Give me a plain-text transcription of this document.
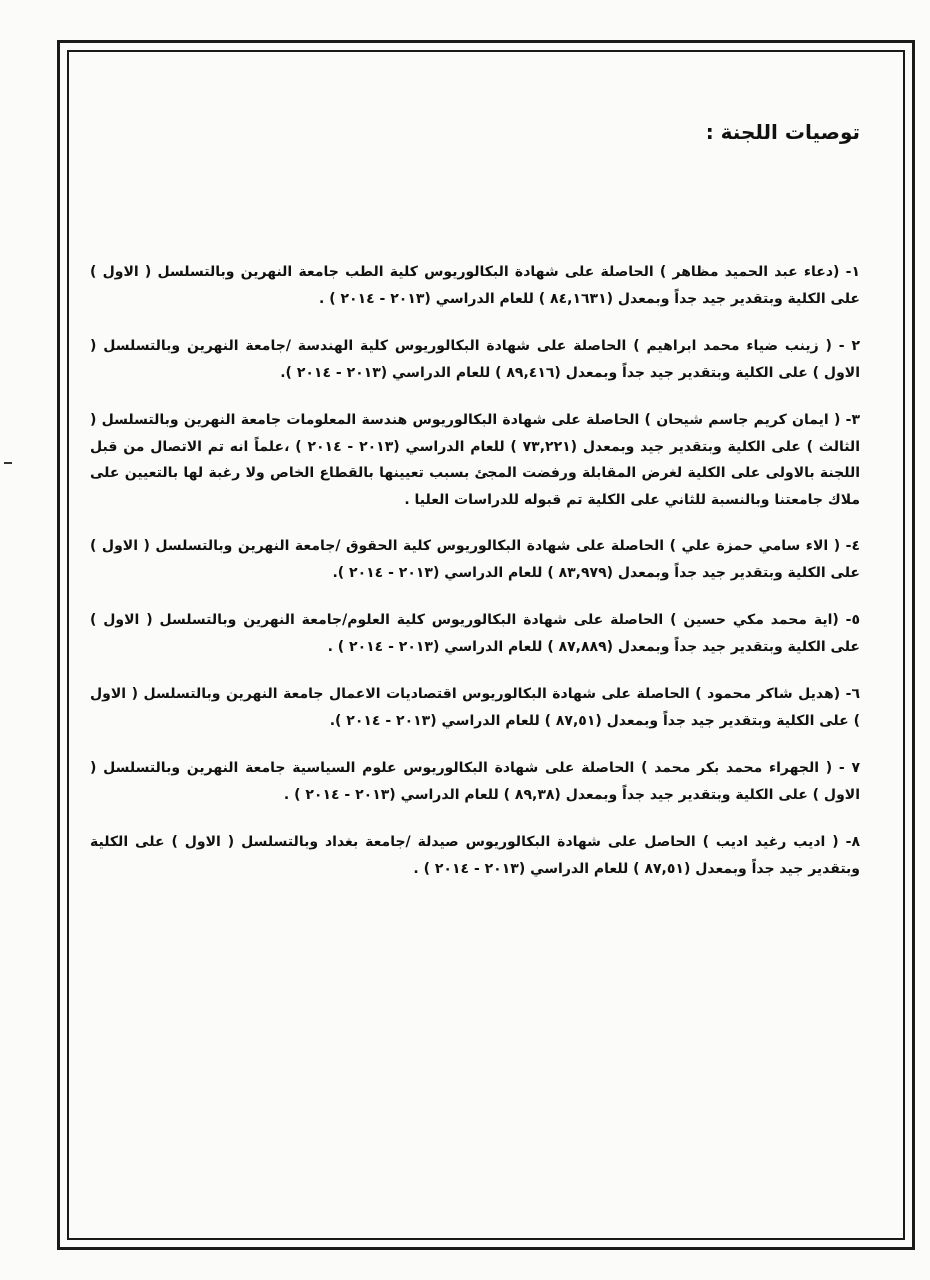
توصيات اللجنة :
١- (دعاء عبد الحميد مظاهر ) الحاصلة على شهادة البكالوريوس كلية الطب جامعة النهرين وبالتسلسل ( الاول ) على الكلية وبتقدير جيد جداً وبمعدل (٨٤,١٦٣١ ) للعام الدراسي (٢٠١٣ - ٢٠١٤ ) .
٢ - ( زينب ضياء محمد ابراهيم ) الحاصلة على شهادة البكالوريوس كلية الهندسة /جامعة النهرين وبالتسلسل ( الاول ) على الكلية وبتقدير جيد جداً وبمعدل (٨٩,٤١٦ ) للعام الدراسي (٢٠١٣ - ٢٠١٤ ).
٣- ( ايمان كريم جاسم شيحان ) الحاصلة على شهادة البكالوريوس هندسة المعلومات جامعة النهرين وبالتسلسل ( الثالث ) على الكلية وبتقدير جيد وبمعدل (٧٣,٢٢١ ) للعام الدراسي (٢٠١٣ - ٢٠١٤ ) ،علماً انه تم الاتصال من قبل اللجنة بالاولى على الكلية لغرض المقابلة ورفضت المجئ بسبب تعيينها بالقطاع الخاص ولا رغبة لها بالتعيين على ملاك جامعتنا وبالنسبة للثاني على الكلية تم قبوله للدراسات العليا .
٤- ( الاء سامي حمزة علي ) الحاصلة على شهادة البكالوريوس كلية الحقوق /جامعة النهرين وبالتسلسل ( الاول ) على الكلية وبتقدير جيد جداً وبمعدل (٨٣,٩٧٩ ) للعام الدراسي (٢٠١٣ - ٢٠١٤ ).
٥- (اية محمد مكي حسين ) الحاصلة على شهادة البكالوريوس كلية العلوم/جامعة النهرين وبالتسلسل ( الاول ) على الكلية وبتقدير جيد جداً وبمعدل (٨٧,٨٨٩ ) للعام الدراسي (٢٠١٣ - ٢٠١٤ ) .
٦- (هديل شاكر محمود ) الحاصلة على شهادة البكالوريوس اقتصاديات الاعمال جامعة النهرين وبالتسلسل ( الاول ) على الكلية وبتقدير جيد جداً وبمعدل (٨٧,٥١ ) للعام الدراسي (٢٠١٣ - ٢٠١٤ ).
٧ - ( الجهراء محمد بكر محمد ) الحاصلة على شهادة البكالوريوس علوم السياسية جامعة النهرين وبالتسلسل ( الاول ) على الكلية وبتقدير جيد جداً وبمعدل (٨٩,٣٨ ) للعام الدراسي (٢٠١٣ - ٢٠١٤ ) .
٨- ( اديب رغيد اديب ) الحاصل على شهادة البكالوريوس صيدلة /جامعة بغداد وبالتسلسل ( الاول ) على الكلية وبتقدير جيد جداً وبمعدل (٨٧,٥١ ) للعام الدراسي (٢٠١٣ - ٢٠١٤ ) .
